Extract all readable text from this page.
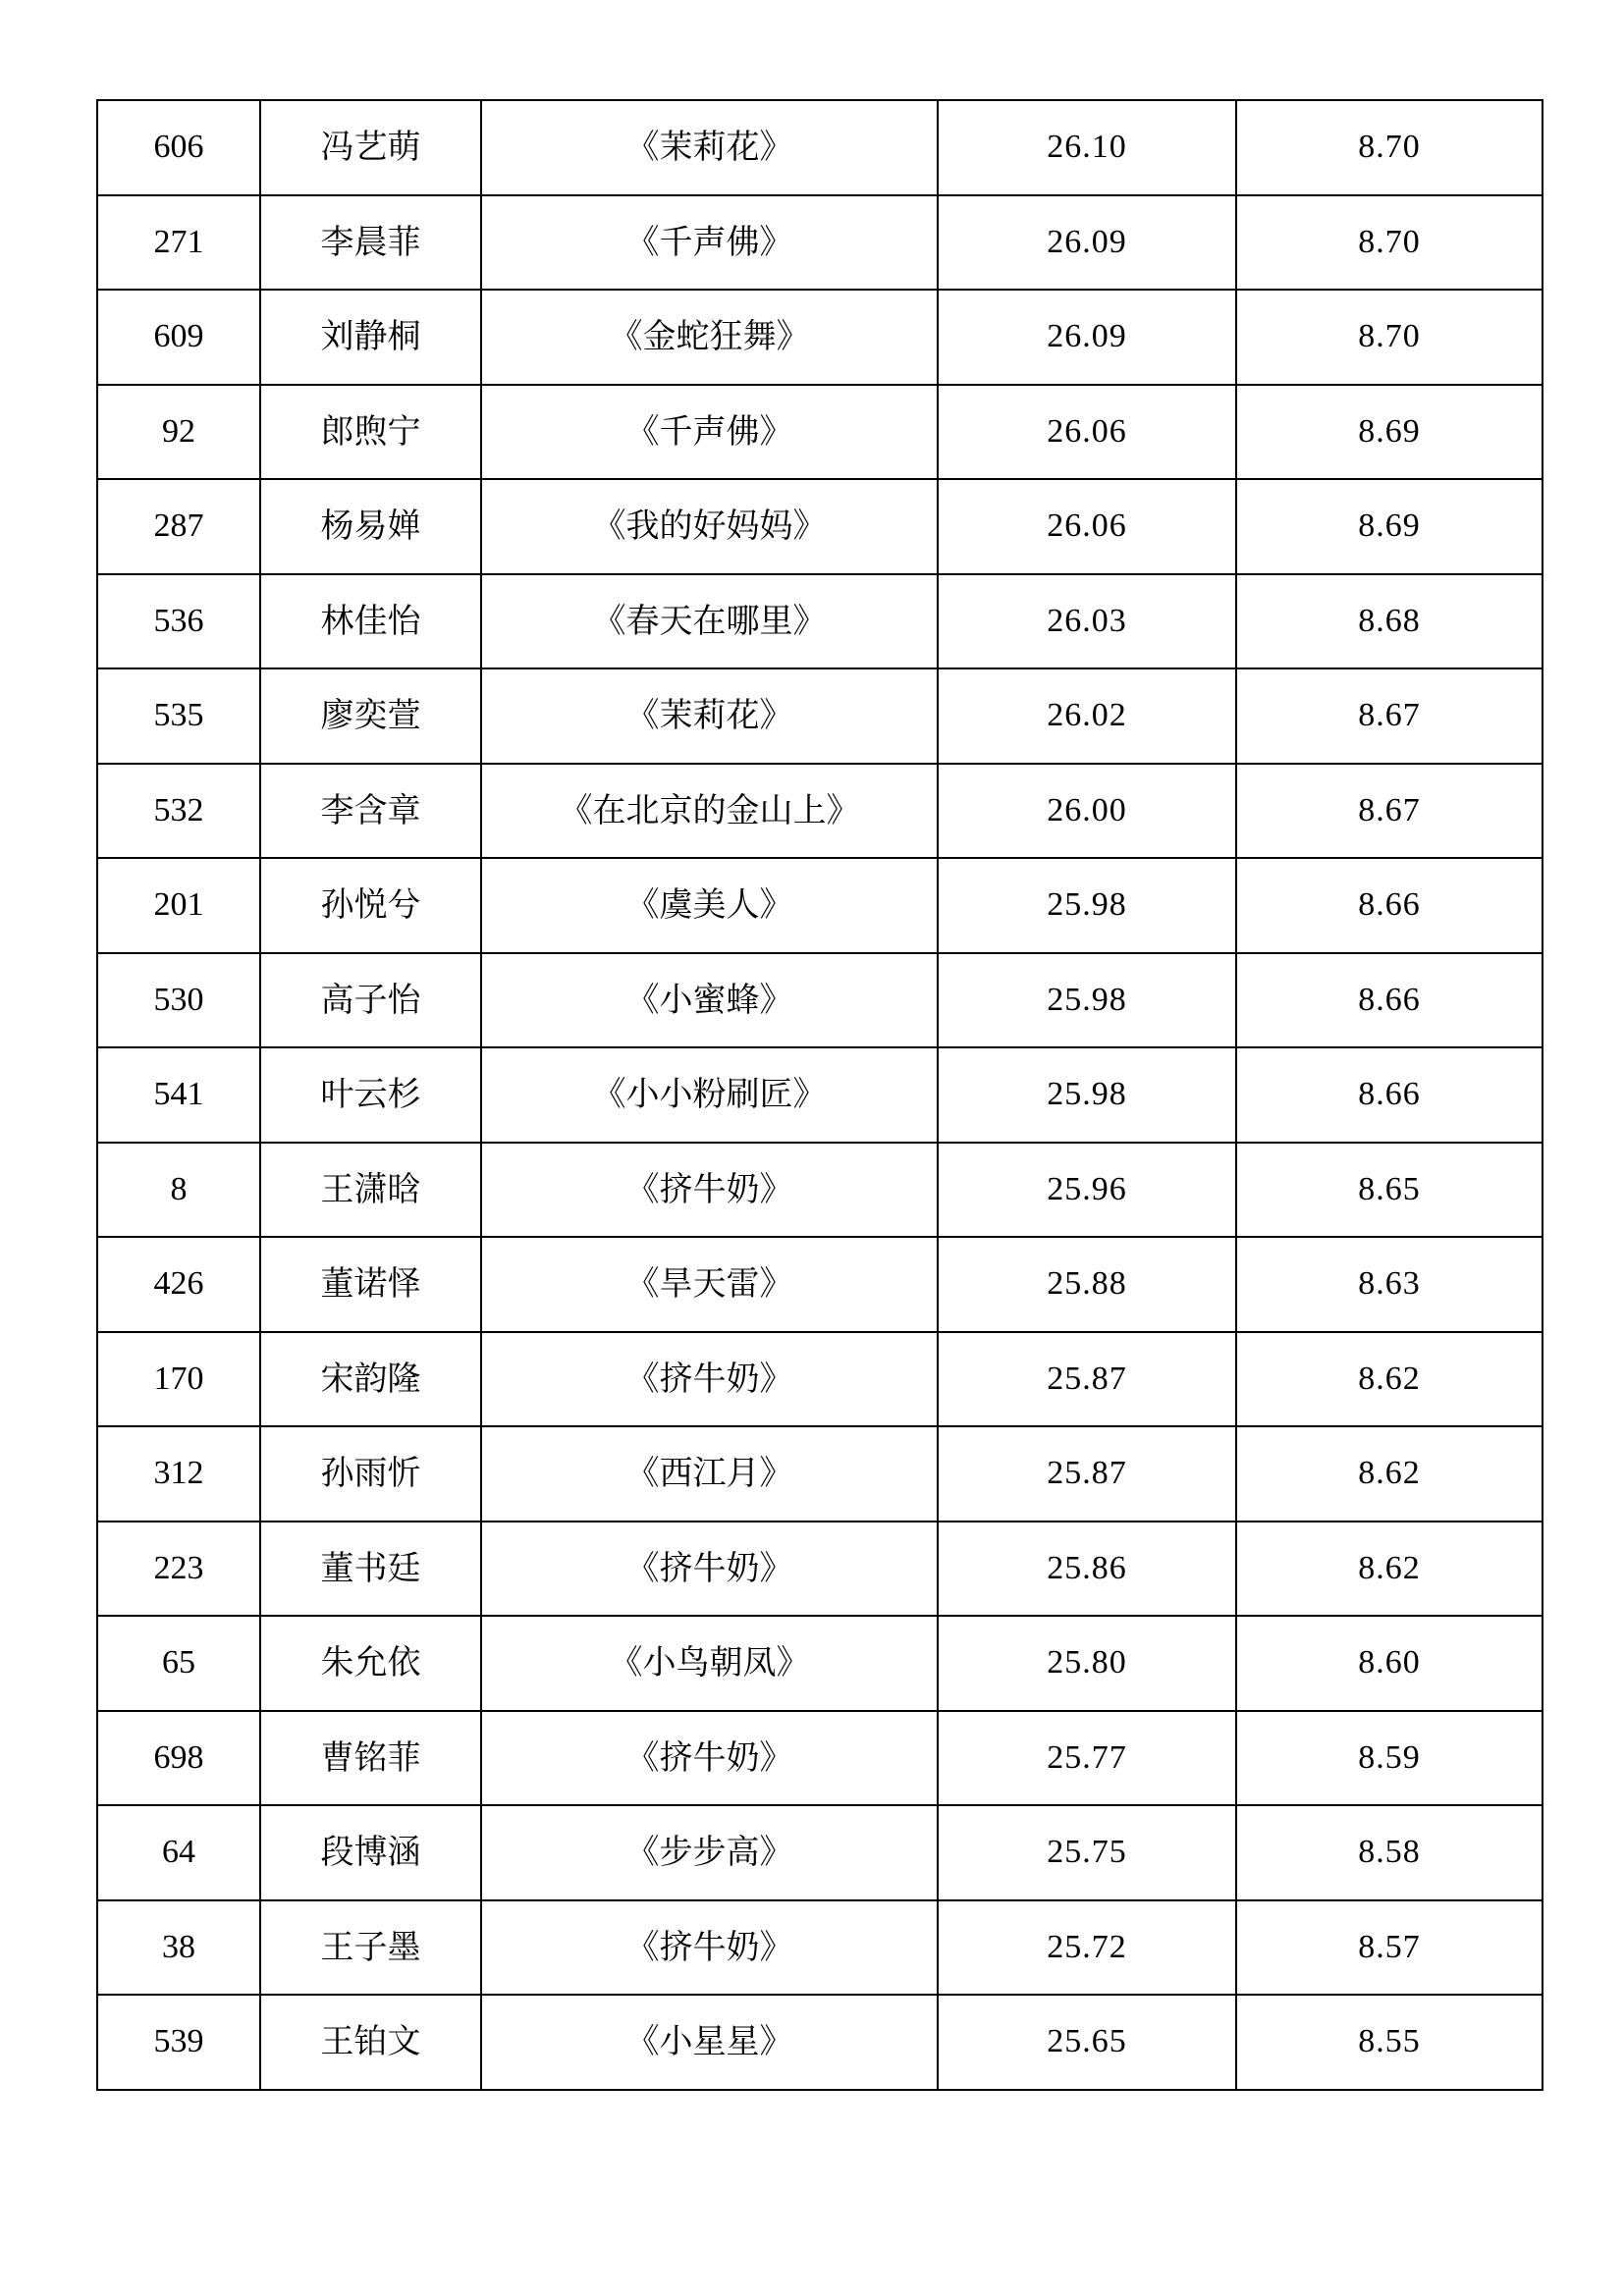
606	冯艺萌	《茉莉花》	26.10	8.70
271	李晨菲	《千声佛》	26.09	8.70
609	刘静桐	《金蛇狂舞》	26.09	8.70
92	郎煦宁	《千声佛》	26.06	8.69
287	杨易婵	《我的好妈妈》	26.06	8.69
536	林佳怡	《春天在哪里》	26.03	8.68
535	廖奕萱	《茉莉花》	26.02	8.67
532	李含章	《在北京的金山上》	26.00	8.67
201	孙悦兮	《虞美人》	25.98	8.66
530	高子怡	《小蜜蜂》	25.98	8.66
541	叶云杉	《小小粉刷匠》	25.98	8.66
8	王潇晗	《挤牛奶》	25.96	8.65
426	董诺怿	《旱天雷》	25.88	8.63
170	宋韵隆	《挤牛奶》	25.87	8.62
312	孙雨忻	《西江月》	25.87	8.62
223	董书廷	《挤牛奶》	25.86	8.62
65	朱允依	《小鸟朝凤》	25.80	8.60
698	曹铭菲	《挤牛奶》	25.77	8.59
64	段博涵	《步步高》	25.75	8.58
38	王子墨	《挤牛奶》	25.72	8.57
539	王铂文	《小星星》	25.65	8.55
